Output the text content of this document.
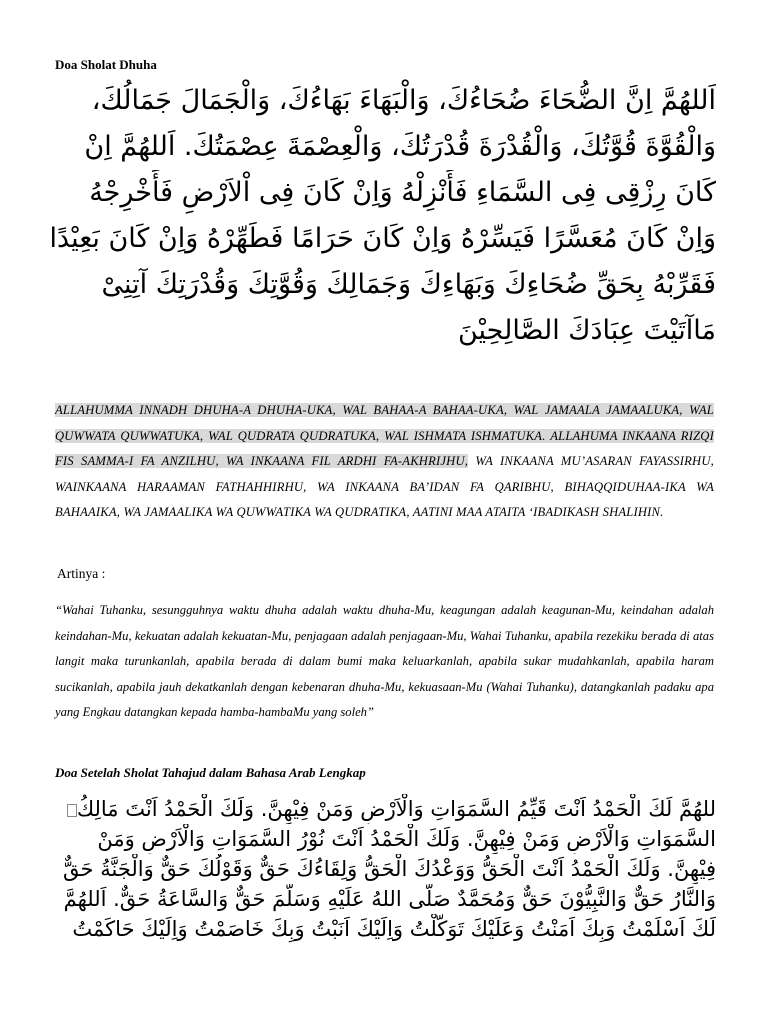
Doa Sholat Dhuha
اَللهُمَّ اِنَّ الضُّحَاءَ ضُحَاءُكَ، وَالْبَهَاءَ بَهَاءُكَ، وَالْجَمَالَ جَمَالُكَ،
وَالْقُوَّةَ قُوَّتُكَ، وَالْقُدْرَةَ قُدْرَتُكَ، وَالْعِصْمَةَ عِصْمَتُكَ. اَللهُمَّ اِنْ
كَانَ رِزْقِى فِى السَّمَاءِ فَأَنْزِلْهُ وَاِنْ كَانَ فِى اْلاَرْضِ فَأَخْرِجْهُ
وَاِنْ كَانَ مُعَسَّرًا فَيَسِّرْهُ وَاِنْ كَانَ حَرَامًا فَطَهِّرْهُ وَاِنْ كَانَ بَعِيْدًا
فَقَرِّبْهُ بِحَقِّ ضُحَاءِكَ وَبَهَاءِكَ وَجَمَالِكَ وَقُوَّتِكَ وَقُدْرَتِكَ آتِنِىْ
مَاآتَيْتَ عِبَادَكَ الصَّالِحِيْنَ
ALLAHUMMA INNADH DHUHA-A DHUHA-UKA, WAL BAHAA-A BAHAA-UKA, WAL JAMAALA JAMAALUKA, WAL QUWWATA QUWWATUKA, WAL QUDRATA QUDRATUKA, WAL ISHMATA ISHMATUKA. ALLAHUMA INKAANA RIZQI FIS SAMMA-I FA ANZILHU, WA INKAANA FIL ARDHI FA-AKHRIJHU, WA INKAANA MU’ASARAN FAYASSIRHU, WAINKAANA HARAAMAN FATHAHHIRHU, WA INKAANA BA’IDAN FA QARIBHU, BIHAQQIDUHAA-IKA WA BAHAAIKA, WA JAMAALIKA WA QUWWATIKA WA QUDRATIKA, AATINI MAA ATAITA ‘IBADIKASH SHALIHIN.
Artinya :
“Wahai Tuhanku, sesungguhnya waktu dhuha adalah waktu dhuha-Mu, keagungan adalah keagunan-Mu, keindahan adalah keindahan-Mu, kekuatan adalah kekuatan-Mu, penjagaan adalah penjagaan-Mu, Wahai Tuhanku, apabila rezekiku berada di atas langit maka turunkanlah, apabila berada di dalam bumi maka keluarkanlah, apabila sukar mudahkanlah, apabila haram sucikanlah, apabila jauh dekatkanlah dengan kebenaran dhuha-Mu, kekuasaan-Mu (Wahai Tuhanku), datangkanlah padaku apa yang Engkau datangkan kepada hamba-hambaMu yang soleh”
Doa Setelah Sholat Tahajud dalam Bahasa Arab Lengkap
للهُمَّ لَكَ الْحَمْدُ اَنْتَ قَيِّمُ السَّمَوَاتِ وَالْاَرْضِ وَمَنْ فِيْهِنَّ. وَلَكَ الْحَمْدُ اَنْتَ مَالِكُ
السَّمَوَاتِ وَالْاَرْضِ وَمَنْ فِيْهِنَّ. وَلَكَ الْحَمْدُ اَنْتَ نُوْرُ السَّمَوَاتِ وَالْاَرْضِ وَمَنْ
فِيْهِنَّ. وَلَكَ الْحَمْدُ اَنْتَ الْحَقُّ وَوَعْدُكَ الْحَقُّ وَلِقَاءُكَ حَقٌّ وَقَوْلُكَ حَقٌّ وَالْجَنَّةُ حَقٌّ
وَالنَّارُ حَقٌّ وَالنَّبِيُّوْنَ حَقٌّ وَمُحَمَّدٌ صَلَّى اللهُ عَلَيْهِ وَسَلَّمَ حَقٌّ وَالسَّاعَةُ حَقٌّ. اَللهُمَّ
لَكَ اَسْلَمْتُ وَبِكَ اَمَنْتُ وَعَلَيْكَ تَوَكَّلْتُ وَاِلَيْكَ اَنَبْتُ وَبِكَ خَاصَمْتُ وَاِلَيْكَ حَاكَمْتُ
